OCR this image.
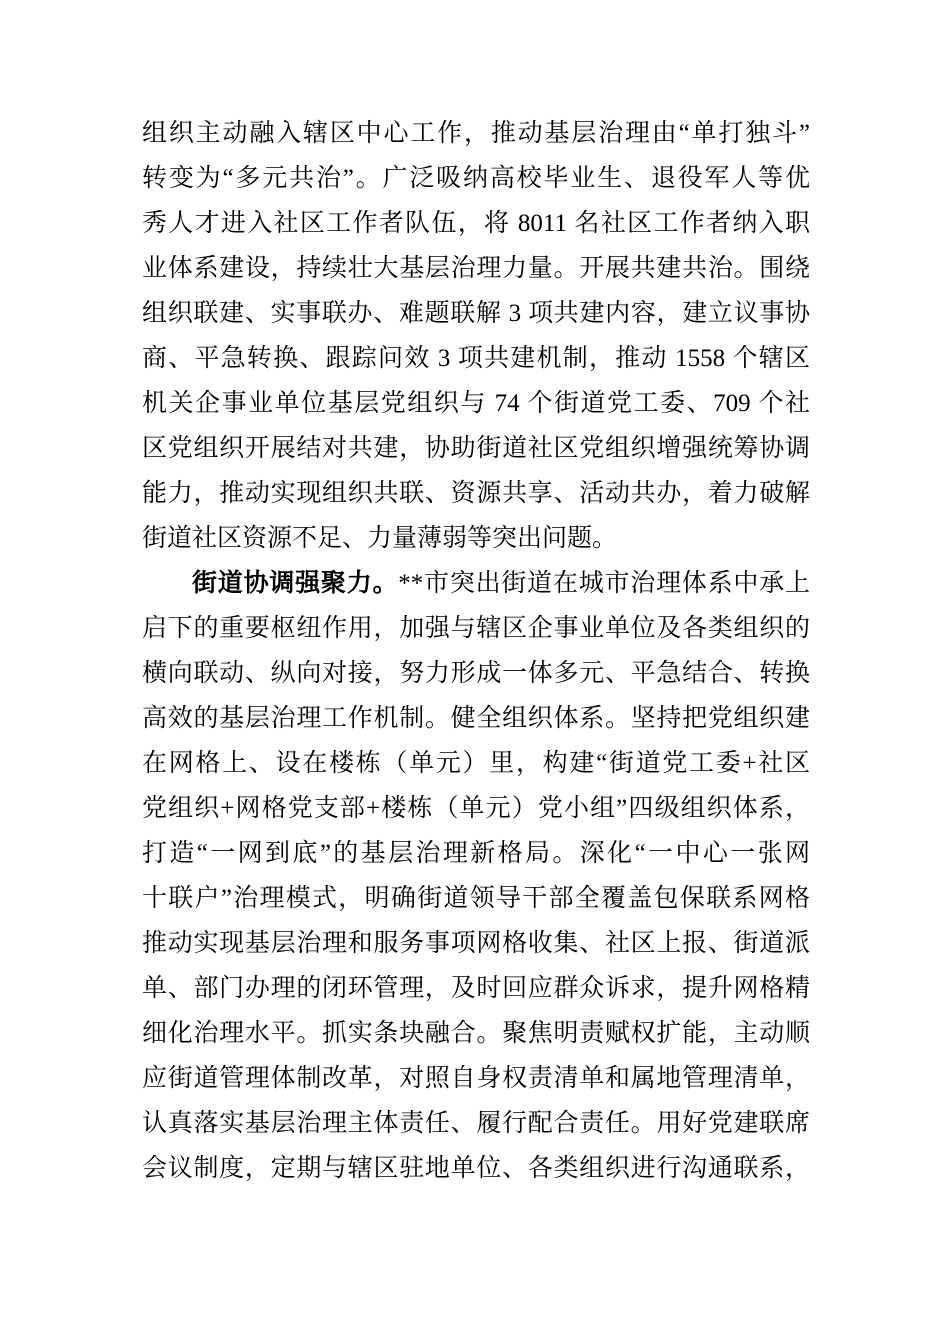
组织主动融入辖区中心工作，推动基层治理由“单打独斗”
转变为“多元共治”。广泛吸纳高校毕业生、退役军人等优
秀人才进入社区工作者队伍，将 8011 名社区工作者纳入职
业体系建设，持续壮大基层治理力量。开展共建共治。围绕
组织联建、实事联办、难题联解 3 项共建内容，建立议事协
商、平急转换、跟踪问效 3 项共建机制，推动 1558 个辖区
机关企事业单位基层党组织与 74 个街道党工委、709 个社
区党组织开展结对共建，协助街道社区党组织增强统筹协调
能力，推动实现组织共联、资源共享、活动共办，着力破解
街道社区资源不足、力量薄弱等突出问题。
街道协调强聚力。**市突出街道在城市治理体系中承上
启下的重要枢纽作用，加强与辖区企事业单位及各类组织的
横向联动、纵向对接，努力形成一体多元、平急结合、转换
高效的基层治理工作机制。健全组织体系。坚持把党组织建
在网格上、设在楼栋（单元）里，构建“街道党工委+社区
党组织+网格党支部+楼栋（单元）党小组”四级组织体系，
打造“一网到底”的基层治理新格局。深化“一中心一张网
十联户”治理模式，明确街道领导干部全覆盖包保联系网格
推动实现基层治理和服务事项网格收集、社区上报、街道派
单、部门办理的闭环管理，及时回应群众诉求，提升网格精
细化治理水平。抓实条块融合。聚焦明责赋权扩能，主动顺
应街道管理体制改革，对照自身权责清单和属地管理清单，
认真落实基层治理主体责任、履行配合责任。用好党建联席
会议制度，定期与辖区驻地单位、各类组织进行沟通联系，
